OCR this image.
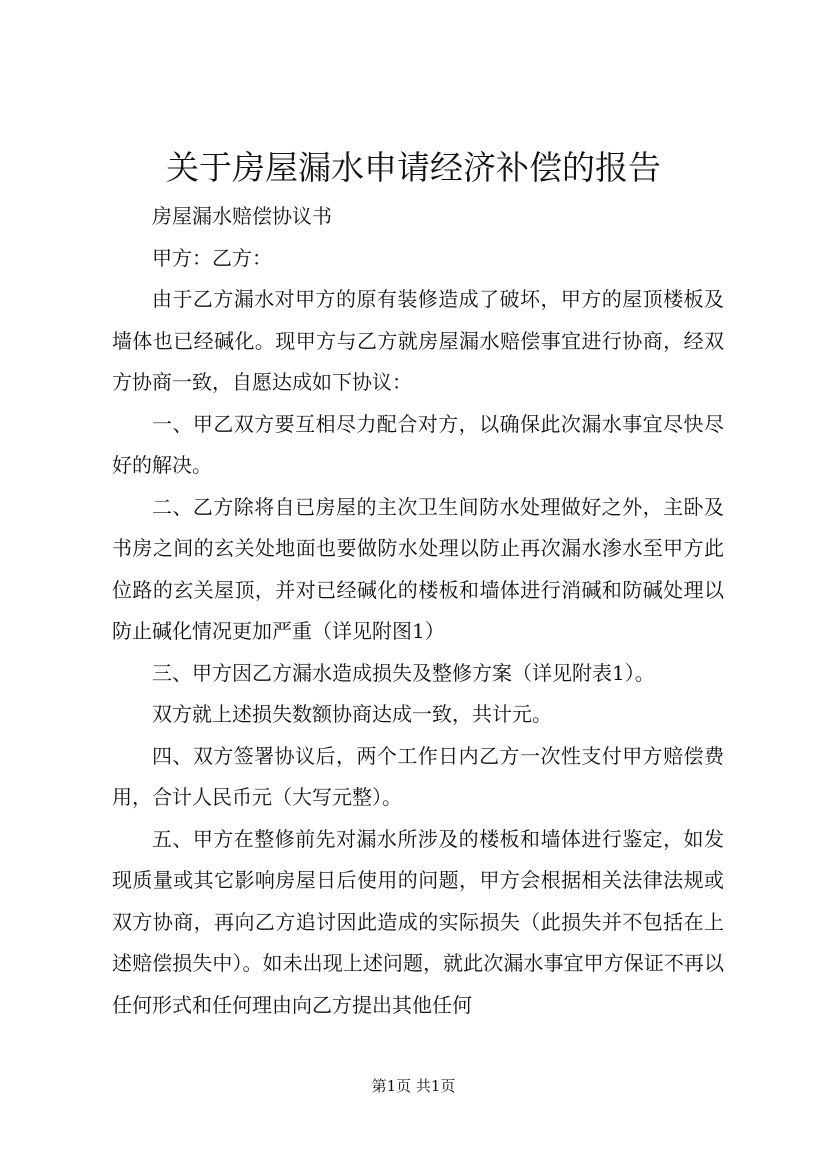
关于房屋漏水申请经济补偿的报告

房屋漏水赔偿协议书

甲方：乙方：

由于乙方漏水对甲方的原有装修造成了破坏，甲方的屋顶楼板及墙体也已经碱化。现甲方与乙方就房屋漏水赔偿事宜进行协商，经双方协商一致，自愿达成如下协议：

一、甲乙双方要互相尽力配合对方，以确保此次漏水事宜尽快尽好的解决。

二、乙方除将自已房屋的主次卫生间防水处理做好之外，主卧及书房之间的玄关处地面也要做防水处理以防止再次漏水渗水至甲方此位路的玄关屋顶，并对已经碱化的楼板和墙体进行消碱和防碱处理以防止碱化情况更加严重（详见附图1）

三、甲方因乙方漏水造成损失及整修方案（详见附表1）。

双方就上述损失数额协商达成一致，共计元。

四、双方签署协议后，两个工作日内乙方一次性支付甲方赔偿费用，合计人民币元（大写元整）。

五、甲方在整修前先对漏水所涉及的楼板和墙体进行鉴定，如发现质量或其它影响房屋日后使用的问题，甲方会根据相关法律法规或双方协商，再向乙方追讨因此造成的实际损失（此损失并不包括在上述赔偿损失中）。如未出现上述问题，就此次漏水事宜甲方保证不再以任何形式和任何理由向乙方提出其他任何

第1页 共1页
